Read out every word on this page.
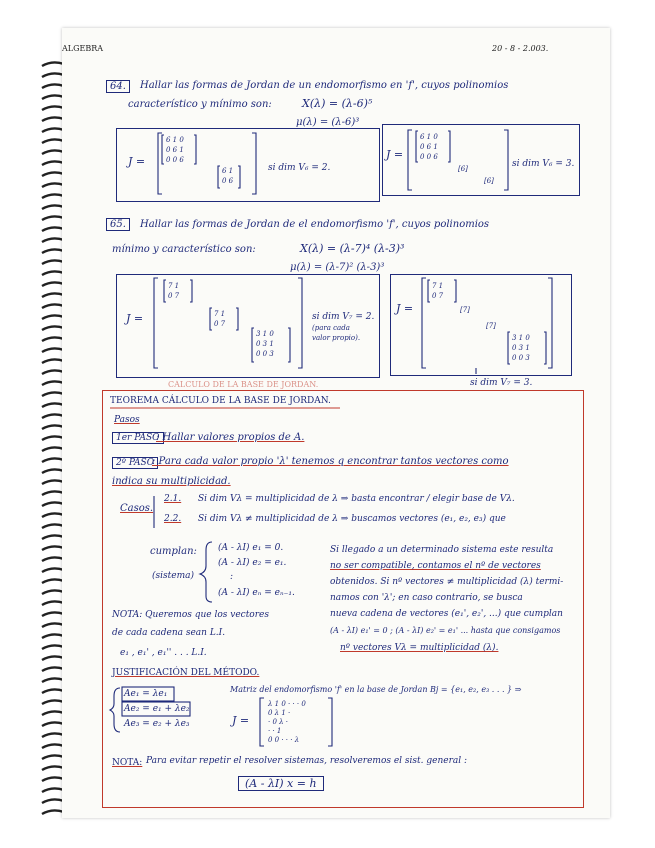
ALGEBRA	20 - 8 - 2.003.
64.	Hallar las formas de Jordan de un endomorfismo en 'f', cuyos polinomios
característico y mínimo son:	X(λ) = (λ-6)⁵
μ(λ) = (λ-6)³
J =
6 1 0
0 6 1
0 0 6
6 1
0 6
si dim V₆ = 2.
J =
6 1 0
0 6 1
0 0 6
[6]
[6]
si dim V₆ = 3.
65.	Hallar las formas de Jordan de el endomorfismo 'f', cuyos polinomios
mínimo y característico son:	X(λ) = (λ-7)⁴ (λ-3)³
μ(λ) = (λ-7)² (λ-3)³
J =
7 1
0 7
7 1
0 7
3 1 0
0 3 1
0 0 3
si dim V₇ = 2.
(para cada
valor propio).
J =
7 1
0 7
[7]
[7]
3 1 0
0 3 1
0 0 3
si dim V₇ = 3.
CÁLCULO DE LA BASE DE JORDAN.
TEOREMA CÁLCULO DE LA BASE DE JORDAN.
Pasos
1er PASO
: Hallar valores propios de A.
2º PASO
: Para cada valor propio 'λ' tenemos q encontrar tantos vectores como
indica su multiplicidad.
Casos.
2.1. Si dim Vλ = multiplicidad de λ ⇒ basta encontrar / elegir base de Vλ.
2.2. Si dim Vλ ≠ multiplicidad de λ ⇒ buscamos vectores (e₁, e₂, e₃) que
cumplan:
(sistema)
(A - λI) e₁ = 0.
(A - λI) e₂ = e₁.
:
(A - λI) eₙ = eₙ₋₁.
Si llegado a un determinado sistema este resulta
no ser compatible, contamos el nº de vectores
obtenidos. Si nº vectores ≠ multiplicidad (λ) termi-
namos con 'λ'; en caso contrario, se busca
nueva cadena de vectores (e₁', e₂', ...) que cumplan
(A - λI) e₁' = 0 ; (A - λI) e₂' = e₁' ... hasta que consigamos
nº vectores Vλ = multiplicidad (λ).
NOTA: Queremos que los vectores
de cada cadena sean L.I.
e₁ , e₁' , e₁'' . . . L.I.
JUSTIFICACIÓN DEL MÉTODO.
Ae₁ = λe₁
Ae₂ = e₁ + λe₂
Ae₃ = e₂ + λe₃
Matriz del endomorfismo 'f' en la base de Jordan Bj = {e₁, e₂, e₃ . . . } ⇒
J =
λ 1 0 · · · 0
0 λ 1 ·
· 0 λ ·
· · 1
0 0 · · · λ
NOTA: Para evitar repetir el resolver sistemas, resolveremos el sist. general :
(A - λI) x = h
